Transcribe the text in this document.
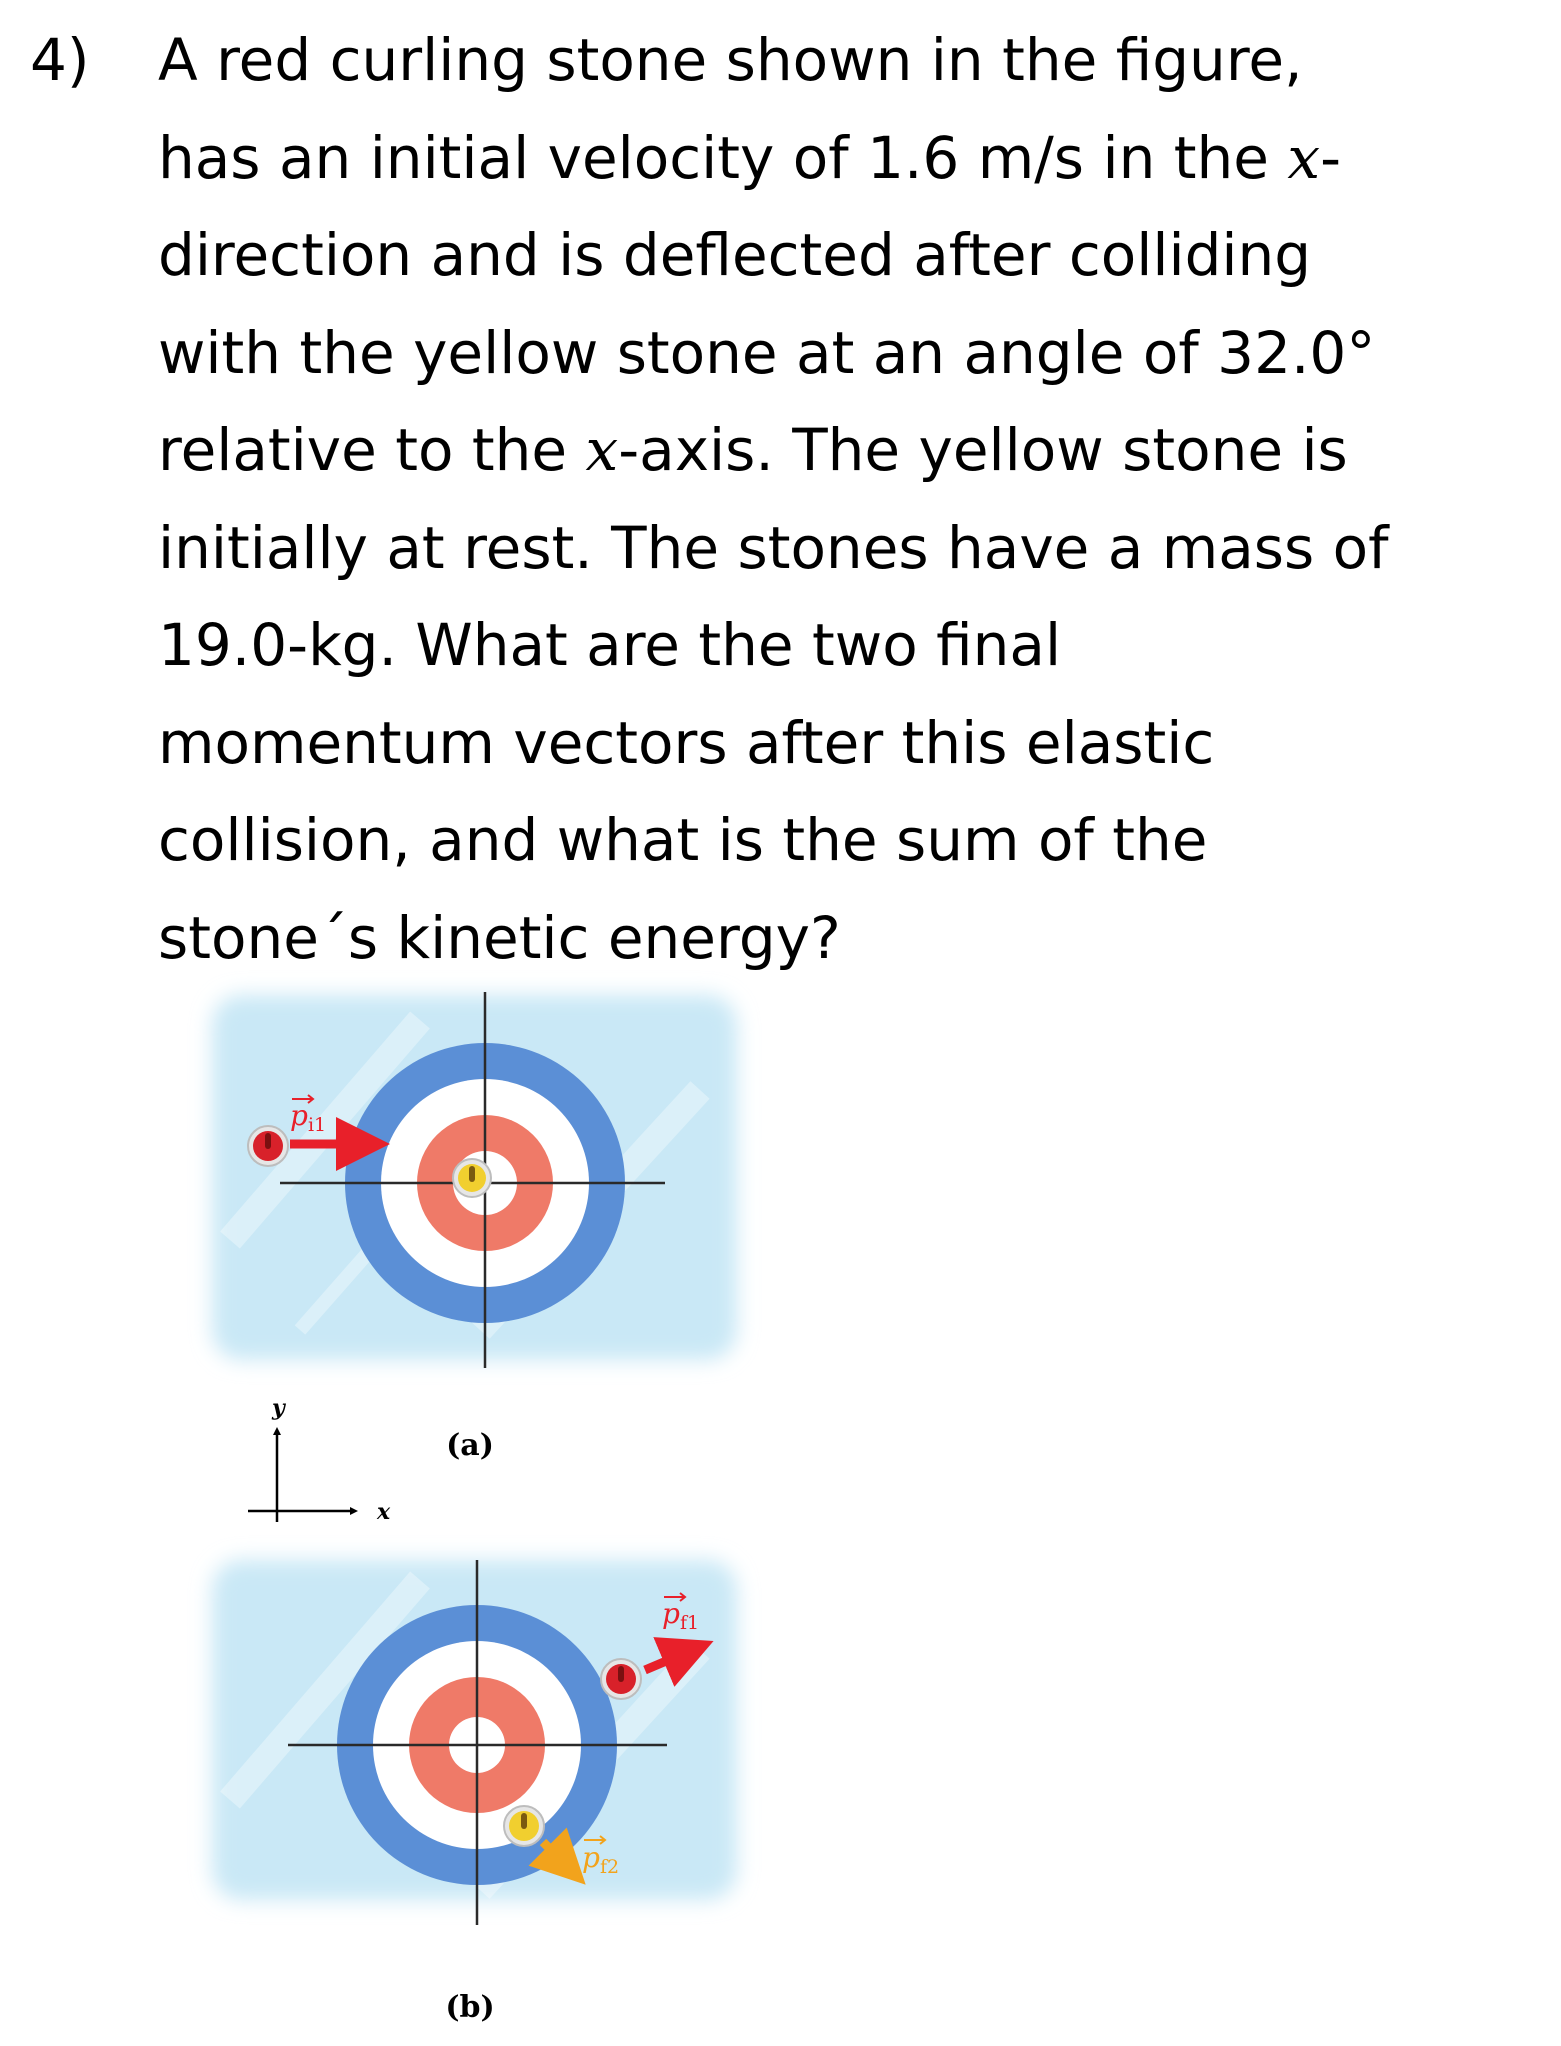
4) A red curling stone shown in the figure,
has an initial velocity of 1.6 m/s in the x-
direction and is deflected after colliding
with the yellow stone at an angle of 32.0°
relative to the x-axis. The yellow stone is
initially at rest. The stones have a mass of
19.0-kg. What are the two final
momentum vectors after this elastic
collision, and what is the sum of the
stone´s kinetic energy?
$p_{i1}$
(a)
y
x
$p_{f1}$
$p_{f2}$
(b)
